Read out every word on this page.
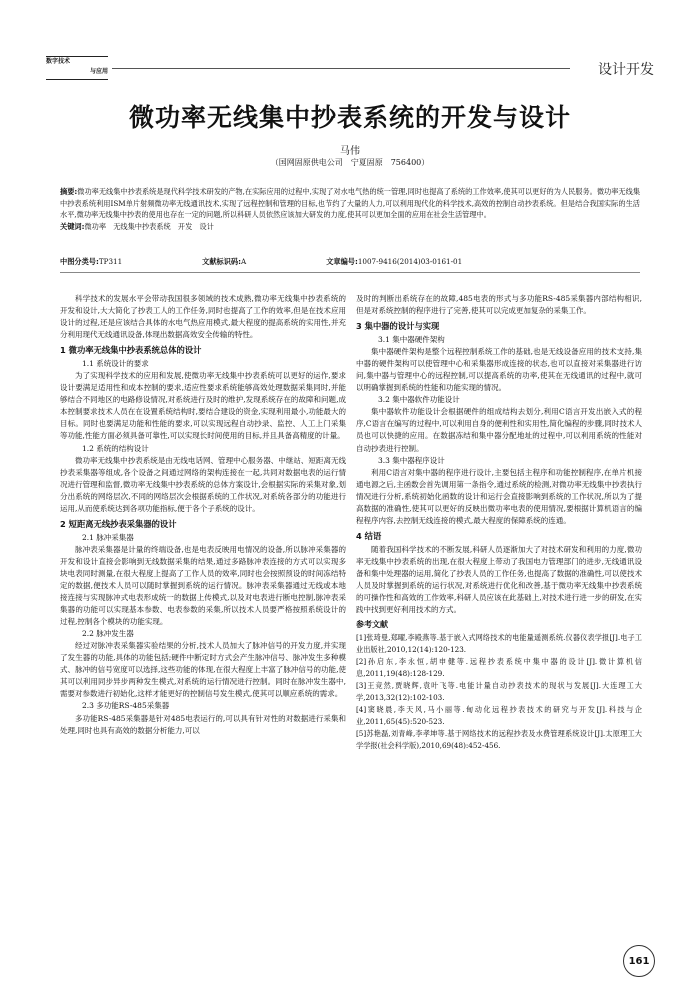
数字技术
与应用	设计开发
微功率无线集中抄表系统的开发与设计
马伟
（国网固原供电公司　宁夏固原　756400）
摘要:微功率无线集中抄表系统是现代科学技术研发的产物,在实际应用的过程中,实现了对水电气热的统一管理,同时也提高了系统的工作效率,使其可以更好的为人民服务。微功率无线集中抄表系统利用ISM单片射频微功率无线通讯技术,实现了远程控制和管理的目标,也节约了大量的人力,可以利用现代化的科学技术,高效的控制自动抄表系统。但是结合我国实际的生活水平,微功率无线集中抄表的使用也存在一定的问题,所以科研人员依然应该加大研发的力度,使其可以更加全面的应用在社会生活管理中。
关键词:微功率　无线集中抄表系统　开发　设计
中图分类号:TP311	文献标识码:A	文章编号:1007-9416(2014)03-0161-01

科学技术的发展水平会带动我国很多领域的技术成熟,微功率无线集中抄表系统的开发和设计,大大简化了抄表工人的工作任务,同时也提高了工作的效率,但是在技术应用设计的过程,还是应该结合具体的水电气热应用模式,最大程度的提高系统的实用性,并充分利用现代无线通讯设备,体现出数据高效安全传输的特性。

1 微功率无线集中抄表系统总体的设计
1.1 系统设计的要求

为了实现科学技术的应用和发展,使微功率无线集中抄表系统可以更好的运作,要求设计要满足适用性和成本控制的要求,适应性要求系统能够高效处理数据采集同时,并能够结合不同地区的电路修设情况,对系统进行及时的维护,发现系统存在的故障和问题,成本控制要求技术人员在在设置系统结构时,要结合建设的资金,实现利用最小,功能最大的目标。同时也要满足功能和性能的要求,可以实现远程自动抄录、监控、人工上门采集等功能,性能方面必须具备可靠性,可以实现长时间使用的目标,并且具备高精度的计量。

1.2 系统的结构设计

微功率无线集中抄表系统是由无线电话网、管理中心服务器、中继站、短距离无线抄表采集器等组成,各个设备之间通过网络的架构连接在一起,共同对数据电表的运行情况进行管理和监督,微功率无线集中抄表系统的总体方案设计,会根据实际的采集对象,划分出系统的网络层次,不同的网络层次会根据系统的工作状况,对系统各部分的功能进行运用,从而使系统达到各项功能指标,便于各个子系统的设计。

2 短距离无线抄表采集器的设计
2.1 脉冲采集器

脉冲表采集器是计量的终端设备,也是电表反映用电情况的设备,所以脉冲采集器的开发和设计直接会影响到无线数据采集的结果,通过多路脉冲表连接的方式可以实现多块电表同时测量,在很大程度上提高了工作人员的效率,同时也会按照预设的时间冻结特定的数据,便技术人员可以随时掌握到系统的运行情况。脉冲表采集器通过无线或本地接连接与实现脉冲式电表形成统一的数据上传模式,以及对电表进行断电控制,脉冲表采集器的功能可以实现基本参数、电表参数的采集,所以技术人员要严格按照系统设计的过程,控制各个模块的功能实现。

2.2 脉冲发生器

经过对脉冲表采集器实验结果的分析,技术人员加大了脉冲信号的开发力度,并实现了发生器的功能,具体的功能包括;硬件中断定时方式会产生脉冲信号、脉冲发生多种模式、脉冲的信号宽度可以选择,这些功能的体现,在很大程度上丰富了脉冲信号的功能,使其可以利用同步异步两种发生模式,对系统的运行情况进行控制。同时在脉冲发生器中,需要对参数进行初始化,这样才能更好的控制信号发生模式,使其可以顺应系统的需求。

2.3 多功能RS-485采集器

多功能RS-485采集器是针对485电表运行的,可以具有针对性的对数据进行采集和处理,同时也具有高效的数据分析能力,可以

及时的判断出系统存在的故障,485电表的形式与多功能RS-485采集器内部结构相识,但是对系统控制的程序进行了完善,使其可以完成更加复杂的采集工作。

3 集中器的设计与实现
3.1 集中器硬件架构

集中器硬件架构是整个远程控制系统工作的基础,也是无线设备应用的技术支持,集中器的硬件架构可以使管理中心和采集器形成连接的状态,也可以直接对采集器进行访问,集中器与管理中心的远程控制,可以提高系统的功率,使其在无线通讯的过程中,就可以明确掌握到系统的性能和功能实现的情况。

3.2 集中器软件功能设计

集中器软件功能设计会根据硬件的组成结构去划分,利用C语言开发出嵌入式的程序,C语言在编写的过程中,可以利用自身的便利性和实用性,简化编程的步骤,同时技术人员也可以快捷的应用。在数据冻结和集中器分配地址的过程中,可以利用系统的性能对自动抄表进行控制。

3.3 集中器程序设计

利用C语言对集中器的程序进行设计,主要包括主程序和功能控制程序,在单片机接通电源之后,主函数会首先调用第一条指令,通过系统的检测,对微功率无线集中抄表执行情况进行分析,系统初始化函数的设计和运行会直接影响到系统的工作状况,所以为了提高数据的准确性,使其可以更好的反映出微功率电表的使用情况,要根据计算机语言的编程程序内容,去控制无线连接的模式,最大程度的保障系统的连通。

4 结语

随着我国科学技术的不断发展,科研人员逐渐加大了对技术研发和利用的力度,微功率无线集中抄表系统的出现,在很大程度上带动了我国电力管理部门的进步,无线通讯设备和集中处理器的运用,简化了抄表人员的工作任务,也提高了数据的准确性,可以使技术人员及时掌握到系统的运行状况,对系统进行优化和改善,基于微功率无线集中抄表系统的可操作性和高效的工作效率,科研人员应该在此基础上,对技术进行进一步的研发,在实践中找到更好利用技术的方式。

参考文献

[1]张琦曼,郑曜,李殿燕等.基于嵌入式网络技术的电能量遥测系统.仪器仪表学报[J].电子工业出版社,2010,12(14):120-123.

[2]孙启东,李永恒,胡申健等.远程抄表系统中集中器的设计[J].微计算机信息,2011,19(48):128-129.

[3]王竞然,贾晓辉,袁叶飞等.电能计量自动抄表技术的现状与发展[J].大连理工大学,2013,32(12):102-103.

[4]窦晓晨,李天风,马小丽等.甸动化远程抄表技术的研究与开发[J].科技与企业,2011,65(45):520-523.

[5]苏艳磊,刘青峰,李孝坤等.基于网络技术的远程抄表及水费管理系统设计[J].太原理工大学学报(社会科学版),2010,69(48):452-456.

161
